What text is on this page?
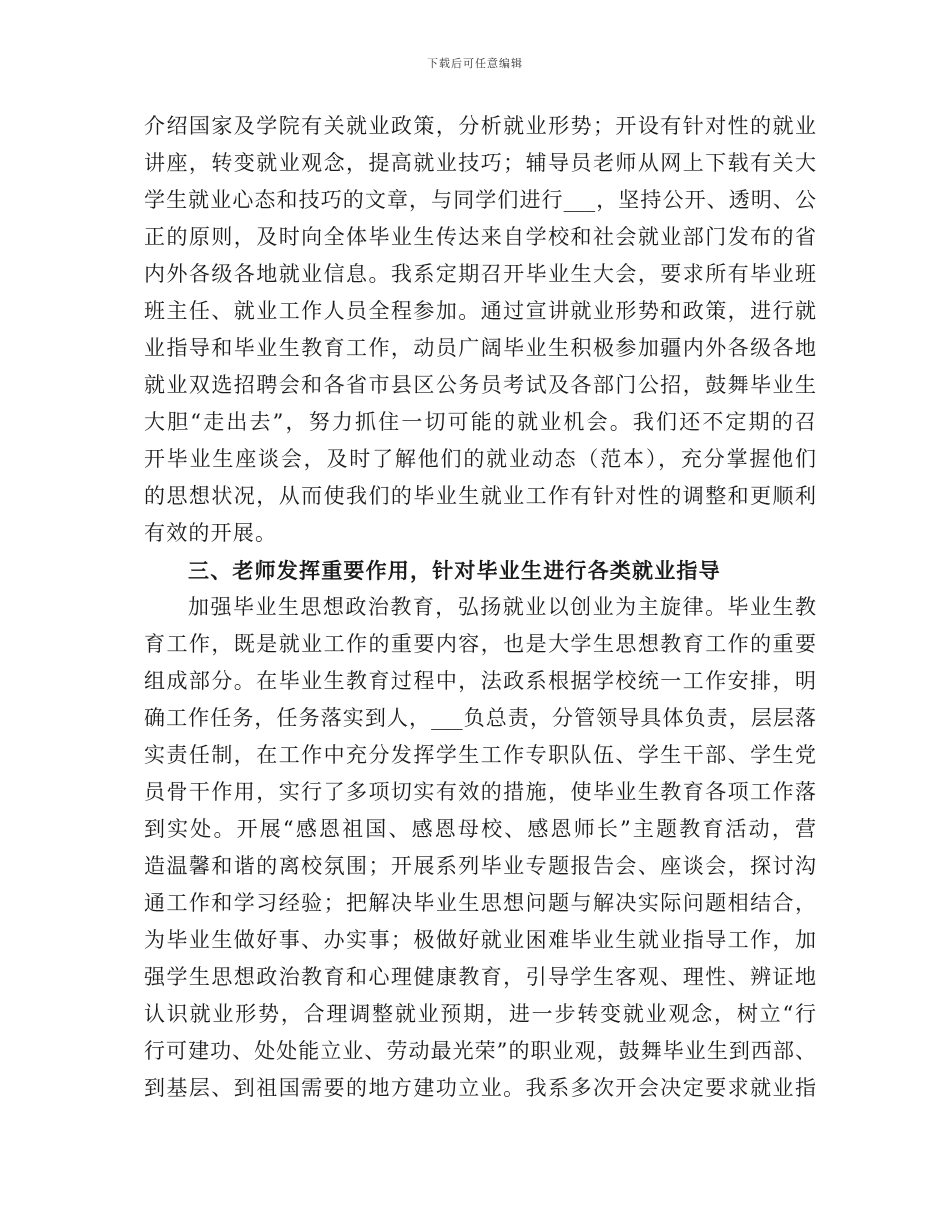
下载后可任意编辑
介绍国家及学院有关就业政策，分析就业形势；开设有针对性的就业
讲座，转变就业观念，提高就业技巧；辅导员老师从网上下载有关大
学生就业心态和技巧的文章，与同学们进行___，坚持公开、透明、公
正的原则，及时向全体毕业生传达来自学校和社会就业部门发布的省
内外各级各地就业信息。我系定期召开毕业生大会，要求所有毕业班
班主任、就业工作人员全程参加。通过宣讲就业形势和政策，进行就
业指导和毕业生教育工作，动员广阔毕业生积极参加疆内外各级各地
就业双选招聘会和各省市县区公务员考试及各部门公招，鼓舞毕业生
大胆“走出去”，努力抓住一切可能的就业机会。我们还不定期的召
开毕业生座谈会，及时了解他们的就业动态（范本），充分掌握他们
的思想状况，从而使我们的毕业生就业工作有针对性的调整和更顺利
有效的开展。
三、老师发挥重要作用，针对毕业生进行各类就业指导
加强毕业生思想政治教育，弘扬就业以创业为主旋律。毕业生教
育工作，既是就业工作的重要内容，也是大学生思想教育工作的重要
组成部分。在毕业生教育过程中，法政系根据学校统一工作安排，明
确工作任务，任务落实到人，___负总责，分管领导具体负责，层层落
实责任制，在工作中充分发挥学生工作专职队伍、学生干部、学生党
员骨干作用，实行了多项切实有效的措施，使毕业生教育各项工作落
到实处。开展“感恩祖国、感恩母校、感恩师长”主题教育活动，营
造温馨和谐的离校氛围；开展系列毕业专题报告会、座谈会，探讨沟
通工作和学习经验；把解决毕业生思想问题与解决实际问题相结合，
为毕业生做好事、办实事；极做好就业困难毕业生就业指导工作，加
强学生思想政治教育和心理健康教育，引导学生客观、理性、辨证地
认识就业形势，合理调整就业预期，进一步转变就业观念，树立“行
行可建功、处处能立业、劳动最光荣”的职业观，鼓舞毕业生到西部、
到基层、到祖国需要的地方建功立业。我系多次开会决定要求就业指
